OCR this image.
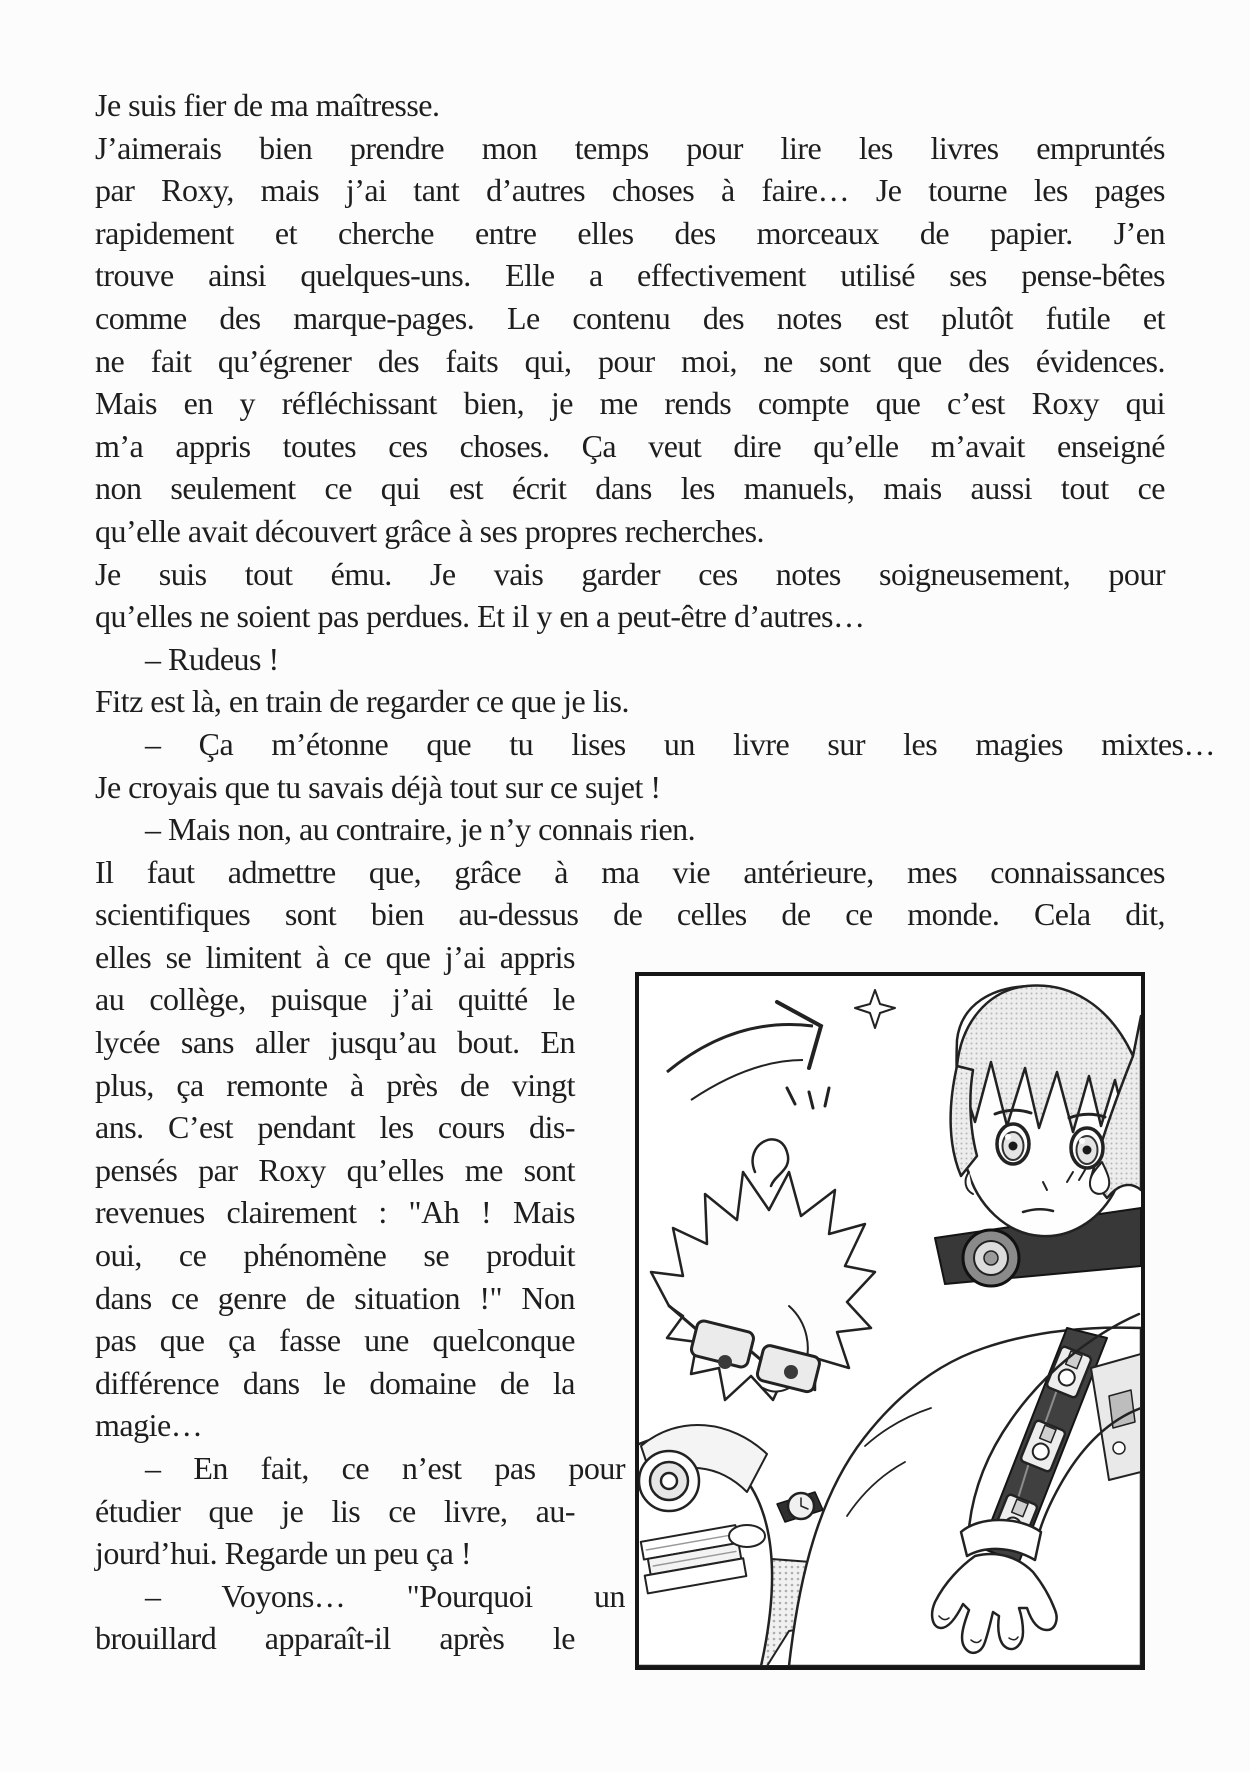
Je suis fier de ma maîtresse.
J’aimerais bien prendre mon temps pour lire les livres empruntés
par Roxy, mais j’ai tant d’autres choses à faire… Je tourne les pages
rapidement et cherche entre elles des morceaux de papier. J’en
trouve ainsi quelques-uns. Elle a effectivement utilisé ses pense-bêtes
comme des marque-pages. Le contenu des notes est plutôt futile et
ne fait qu’égrener des faits qui, pour moi, ne sont que des évidences.
Mais en y réfléchissant bien, je me rends compte que c’est Roxy qui
m’a appris toutes ces choses. Ça veut dire qu’elle m’avait enseigné
non seulement ce qui est écrit dans les manuels, mais aussi tout ce
qu’elle avait découvert grâce à ses propres recherches.
Je suis tout ému. Je vais garder ces notes soigneusement, pour
qu’elles ne soient pas perdues. Et il y en a peut-être d’autres…
– Rudeus !
Fitz est là, en train de regarder ce que je lis.
– Ça m’étonne que tu lises un livre sur les magies mixtes…
Je croyais que tu savais déjà tout sur ce sujet !
– Mais non, au contraire, je n’y connais rien.
Il faut admettre que, grâce à ma vie antérieure, mes connaissances
scientifiques sont bien au-dessus de celles de ce monde. Cela dit,
elles se limitent à ce que j’ai appris
au collège, puisque j’ai quitté le
lycée sans aller jusqu’au bout. En
plus, ça remonte à près de vingt
ans. C’est pendant les cours dis-
pensés par Roxy qu’elles me sont
revenues clairement : "Ah ! Mais
oui, ce phénomène se produit
dans ce genre de situation !" Non
pas que ça fasse une quelconque
différence dans le domaine de la
magie…
– En fait, ce n’est pas pour
étudier que je lis ce livre, au-
jourd’hui. Regarde un peu ça !
– Voyons… "Pourquoi un
brouillard apparaît-il après le
